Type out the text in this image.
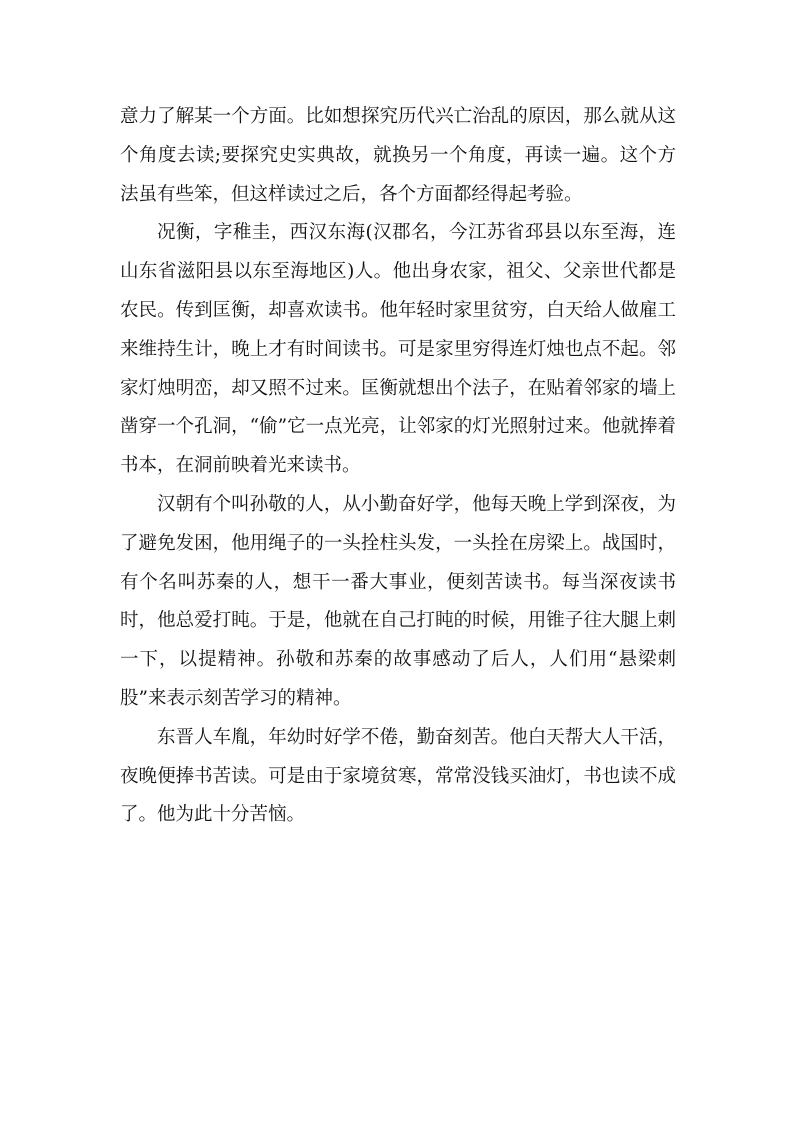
意力了解某一个方面。比如想探究历代兴亡治乱的原因，那么就从这个角度去读;要探究史实典故，就换另一个角度，再读一遍。这个方法虽有些笨，但这样读过之后，各个方面都经得起考验。

况衡，字稚圭，西汉东海(汉郡名，今江苏省邳县以东至海，连山东省滋阳县以东至海地区)人。他出身农家，祖父、父亲世代都是农民。传到匡衡，却喜欢读书。他年轻时家里贫穷，白天给人做雇工来维持生计，晚上才有时间读书。可是家里穷得连灯烛也点不起。邻家灯烛明峦，却又照不过来。匡衡就想出个法子，在贴着邻家的墙上凿穿一个孔洞，“偷”它一点光亮，让邻家的灯光照射过来。他就捧着书本，在洞前映着光来读书。

汉朝有个叫孙敬的人，从小勤奋好学，他每天晚上学到深夜，为了避免发困，他用绳子的一头拴柱头发，一头拴在房梁上。战国时，有个名叫苏秦的人，想干一番大事业，便刻苦读书。每当深夜读书时，他总爱打盹。于是，他就在自己打盹的时候，用锥子往大腿上刺一下，以提精神。孙敬和苏秦的故事感动了后人，人们用“悬梁刺股”来表示刻苦学习的精神。

东晋人车胤，年幼时好学不倦，勤奋刻苦。他白天帮大人干活，夜晚便捧书苦读。可是由于家境贫寒，常常没钱买油灯，书也读不成了。他为此十分苦恼。
